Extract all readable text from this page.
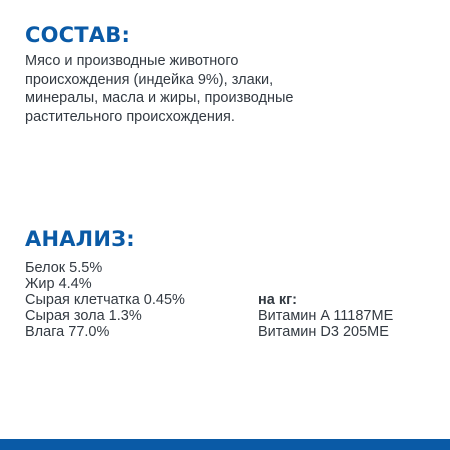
СОСТАВ:

Мясо и производные животного
происхождения (индейка 9%), злаки,
минералы, масла и жиры, производные
растительного происхождения.

АНАЛИЗ:
Белок 5.5%
Жир 4.4%
Сырая клетчатка 0.45%
Сырая зола 1.3%
Влага 77.0%
на кг:
Витамин A 11187ME
Витамин D3 205ME
